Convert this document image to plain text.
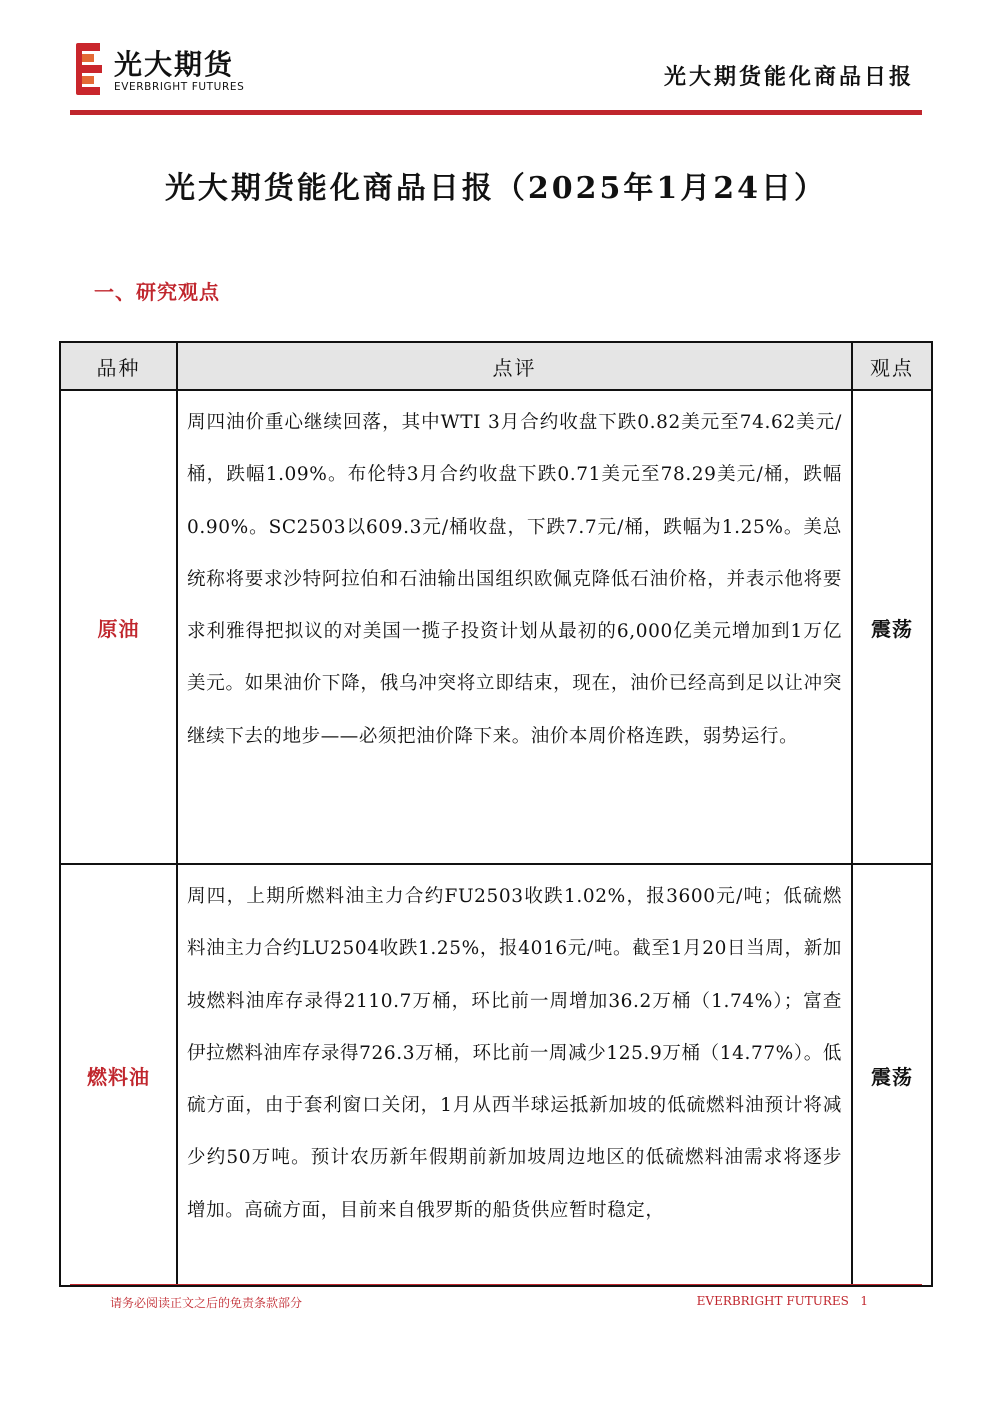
光大期货
EVERBRIGHT FUTURES	光大期货能化商品日报
光大期货能化商品日报（2025年1月24日）
一、研究观点
品种	点评	观点
原油	周四油价重心继续回落，其中WTI 3月合约收盘下跌0.82美元至74.62美元/桶，跌幅1.09%。布伦特3月合约收盘下跌0.71美元至78.29美元/桶，跌幅0.90%。SC2503以609.3元/桶收盘，下跌7.7元/桶，跌幅为1.25%。美总统称将要求沙特阿拉伯和石油输出国组织欧佩克降低石油价格，并表示他将要求利雅得把拟议的对美国一揽子投资计划从最初的6,000亿美元增加到1万亿美元。如果油价下降，俄乌冲突将立即结束，现在，油价已经高到足以让冲突继续下去的地步——必须把油价降下来。油价本周价格连跌，弱势运行。	震荡
燃料油	周四，上期所燃料油主力合约FU2503收跌1.02%，报3600元/吨；低硫燃料油主力合约LU2504收跌1.25%，报4016元/吨。截至1月20日当周，新加坡燃料油库存录得2110.7万桶，环比前一周增加36.2万桶（1.74%）；富查伊拉燃料油库存录得726.3万桶，环比前一周减少125.9万桶（14.77%）。低硫方面，由于套利窗口关闭，1月从西半球运抵新加坡的低硫燃料油预计将减少约50万吨。预计农历新年假期前新加坡周边地区的低硫燃料油需求将逐步增加。高硫方面，目前来自俄罗斯的船货供应暂时稳定，	震荡
请务必阅读正文之后的免责条款部分	EVERBRIGHT FUTURES 1
